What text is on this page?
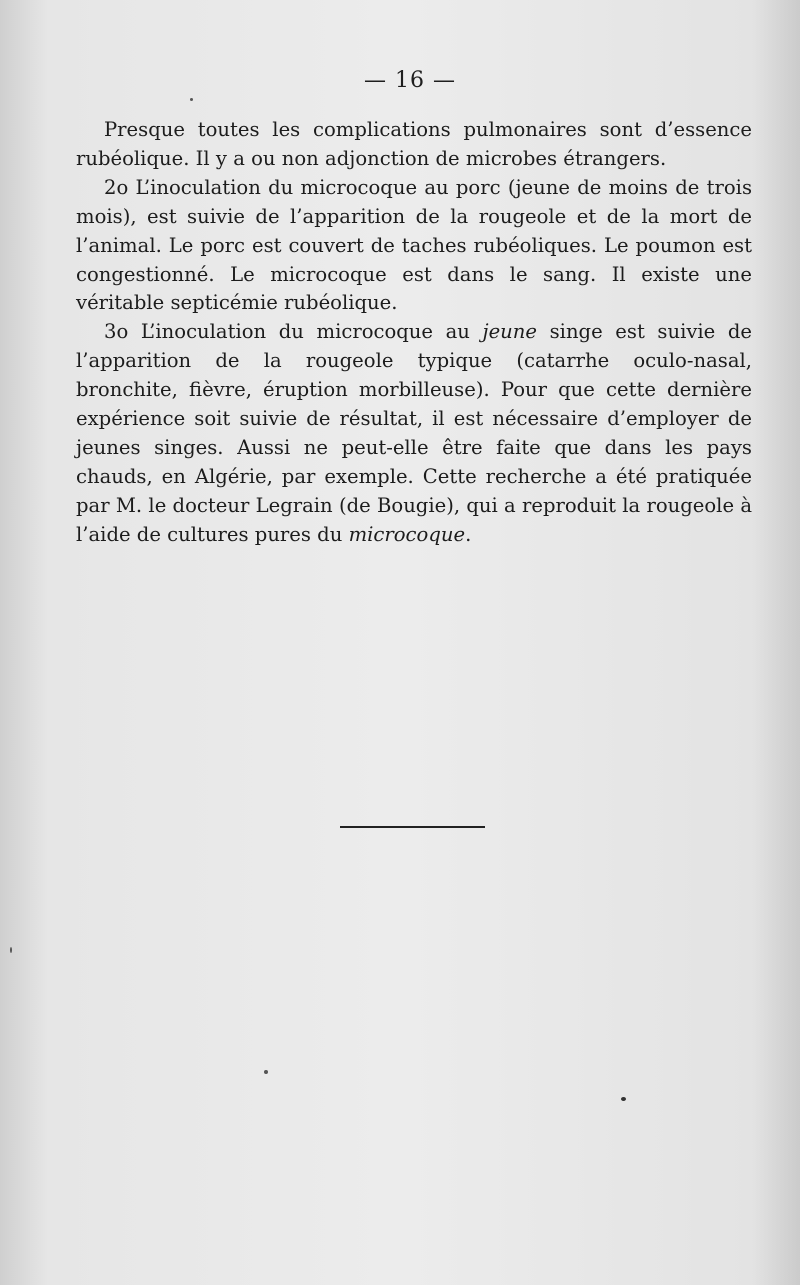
— 16 —

Presque toutes les complications pulmonaires sont d’essence rubéolique. Il y a ou non adjonction de microbes étrangers.

2o L’inoculation du microcoque au porc (jeune de moins de trois mois), est suivie de l’apparition de la rougeole et de la mort de l’animal. Le porc est couvert de taches rubéoliques. Le poumon est congestionné. Le microcoque est dans le sang. Il existe une véritable septicémie rubéolique.

3o L’inoculation du microcoque au jeune singe est suivie de l’apparition de la rougeole typique (catarrhe oculo-nasal, bronchite, fièvre, éruption morbilleuse). Pour que cette dernière expérience soit suivie de résultat, il est nécessaire d’employer de jeunes singes. Aussi ne peut-elle être faite que dans les pays chauds, en Algérie, par exemple. Cette recherche a été pratiquée par M. le docteur Legrain (de Bougie), qui a reproduit la rougeole à l’aide de cultures pures du microcoque.
